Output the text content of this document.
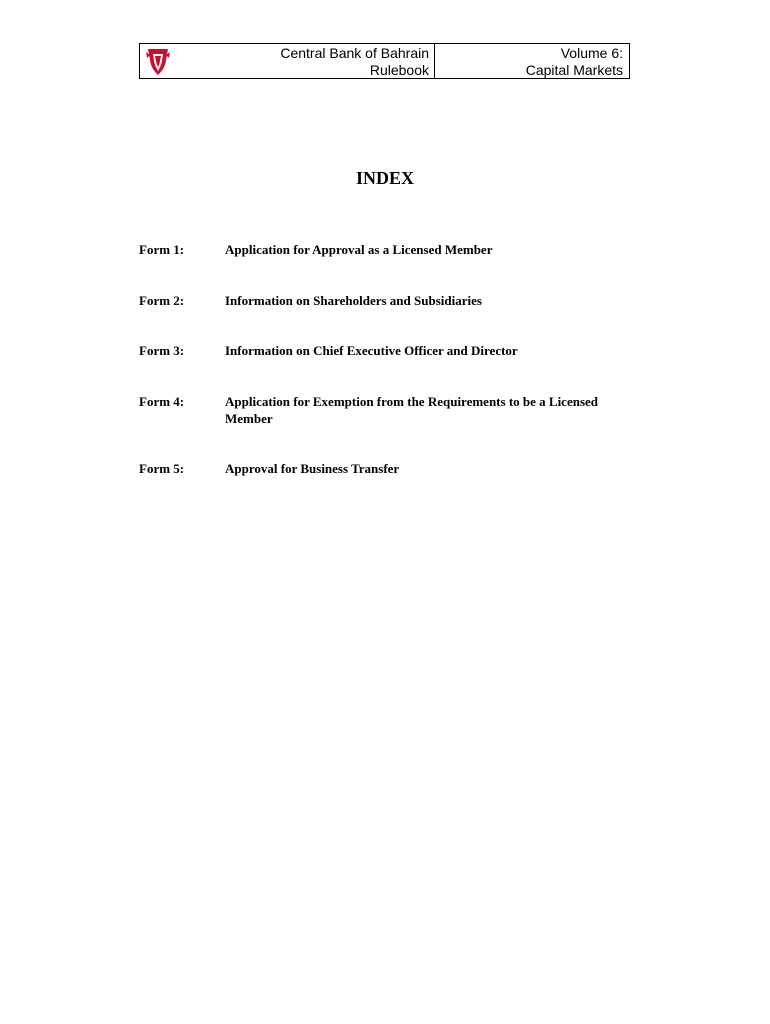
Central Bank of Bahrain
Rulebook
Volume 6:
Capital Markets
INDEX
Form 1:	Application for Approval as a Licensed Member
Form 2:	Information on Shareholders and Subsidiaries
Form 3:	Information on Chief Executive Officer and Director
Form 4:	Application for Exemption from the Requirements to be a Licensed Member
Form 5:	Approval for Business Transfer
